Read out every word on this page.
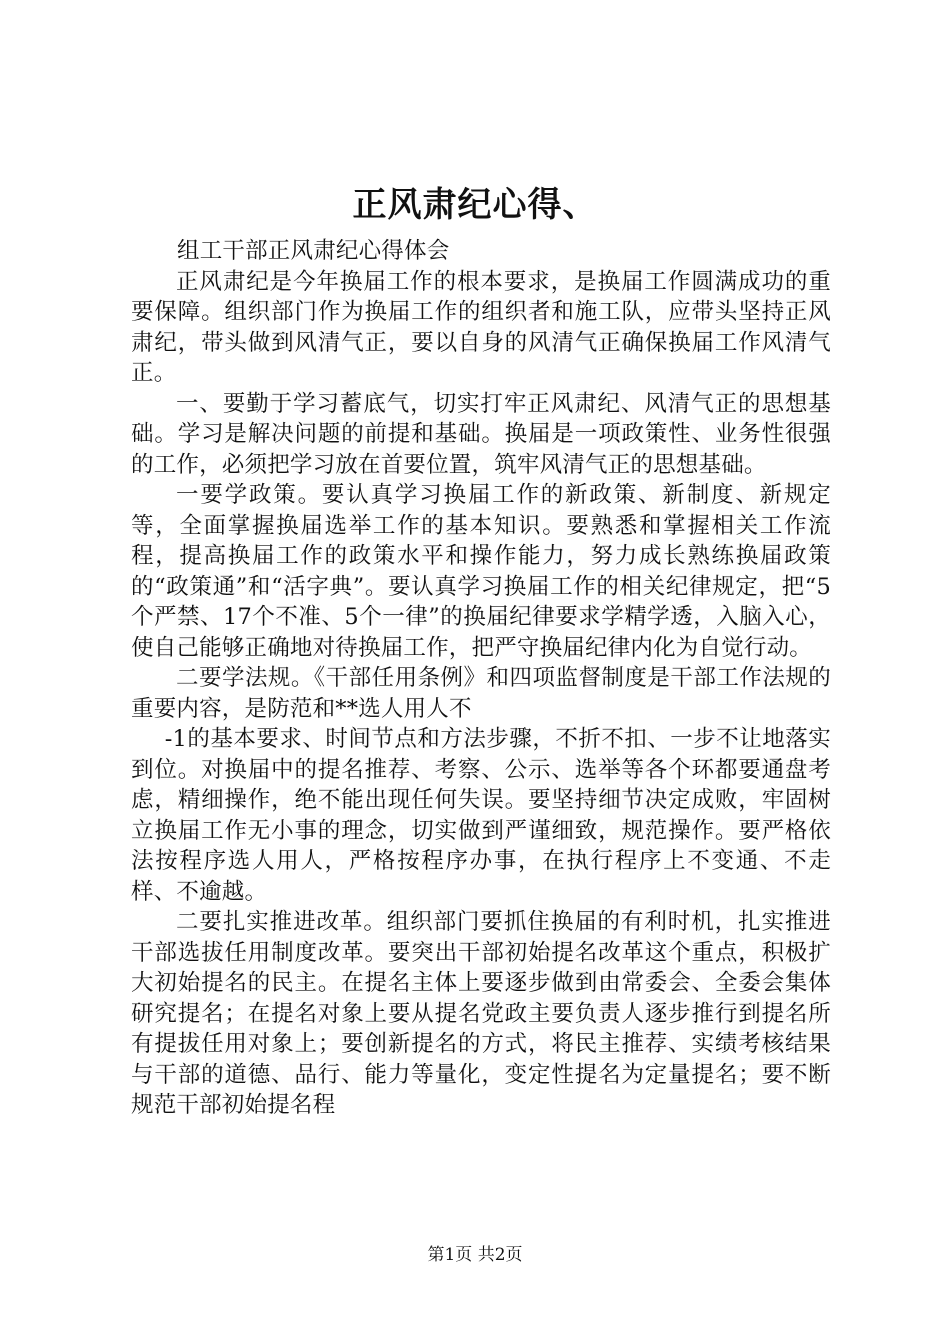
正风肃纪心得、

组工干部正风肃纪心得体会

正风肃纪是今年换届工作的根本要求，是换届工作圆满成功的重要保障。组织部门作为换届工作的组织者和施工队，应带头坚持正风肃纪，带头做到风清气正，要以自身的风清气正确保换届工作风清气正。

一、要勤于学习蓄底气，切实打牢正风肃纪、风清气正的思想基础。学习是解决问题的前提和基础。换届是一项政策性、业务性很强的工作，必须把学习放在首要位置，筑牢风清气正的思想基础。

一要学政策。要认真学习换届工作的新政策、新制度、新规定等，全面掌握换届选举工作的基本知识。要熟悉和掌握相关工作流程，提高换届工作的政策水平和操作能力，努力成长熟练换届政策的“政策通”和“活字典”。要认真学习换届工作的相关纪律规定，把“5个严禁、17个不准、5个一律”的换届纪律要求学精学透，入脑入心，使自己能够正确地对待换届工作，把严守换届纪律内化为自觉行动。

二要学法规。《干部任用条例》和四项监督制度是干部工作法规的重要内容，是防范和**选人用人不

-1的基本要求、时间节点和方法步骤，不折不扣、一步不让地落实到位。对换届中的提名推荐、考察、公示、选举等各个环都要通盘考虑，精细操作，绝不能出现任何失误。要坚持细节决定成败，牢固树立换届工作无小事的理念，切实做到严谨细致，规范操作。要严格依法按程序选人用人，严格按程序办事，在执行程序上不变通、不走样、不逾越。

二要扎实推进改革。组织部门要抓住换届的有利时机，扎实推进干部选拔任用制度改革。要突出干部初始提名改革这个重点，积极扩大初始提名的民主。在提名主体上要逐步做到由常委会、全委会集体研究提名；在提名对象上要从提名党政主要负责人逐步推行到提名所有提拔任用对象上；要创新提名的方式，将民主推荐、实绩考核结果与干部的道德、品行、能力等量化，变定性提名为定量提名；要不断规范干部初始提名程

第1页 共2页
